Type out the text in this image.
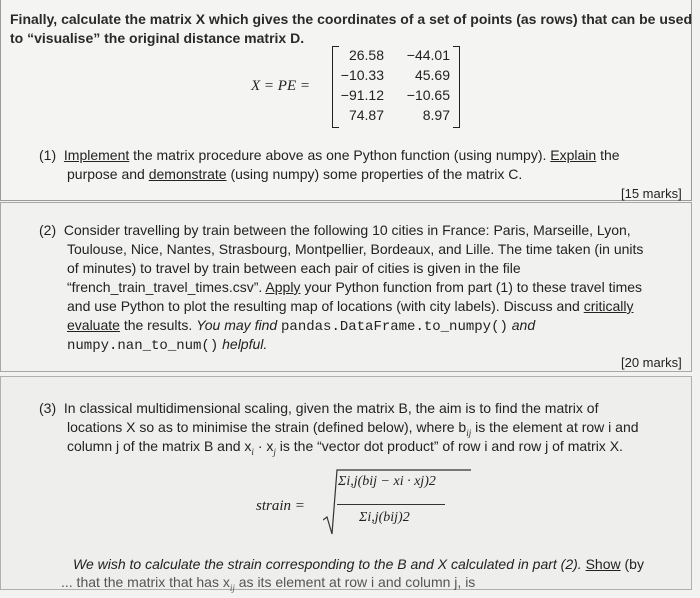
Finally, calculate the matrix X which gives the coordinates of a set of points (as rows) that can be used
to “visualise” the original distance matrix D.
X = PE =
26.58	−44.01
−10.33	45.69
−91.12	−10.65
74.87	8.97
(1) Implement the matrix procedure above as one Python function (using numpy). Explain the
purpose and demonstrate (using numpy) some properties of the matrix C.
[15 marks]
(2) Consider travelling by train between the following 10 cities in France: Paris, Marseille, Lyon,
Toulouse, Nice, Nantes, Strasbourg, Montpellier, Bordeaux, and Lille. The time taken (in units
of minutes) to travel by train between each pair of cities is given in the file
“french_train_travel_times.csv”. Apply your Python function from part (1) to these travel times
and use Python to plot the resulting map of locations (with city labels). Discuss and critically
evaluate the results. You may find pandas.DataFrame.to_numpy() and
numpy.nan_to_num() helpful.
[20 marks]
(3) In classical multidimensional scaling, given the matrix B, the aim is to find the matrix of
locations X so as to minimise the strain (defined below), where $b_{ij}$ is the element at row i and
column j of the matrix B and $x_i \cdot x_j$ is the “vector dot product” of row i and row j of matrix X.
We wish to calculate the strain corresponding to the B and X calculated in part (2). Show (by
... that the matrix that has $x_{ij}$ as its element at row i and column j, is
strain =
Σi,j(bij − xi · xj)2
Σi,j(bij)2
